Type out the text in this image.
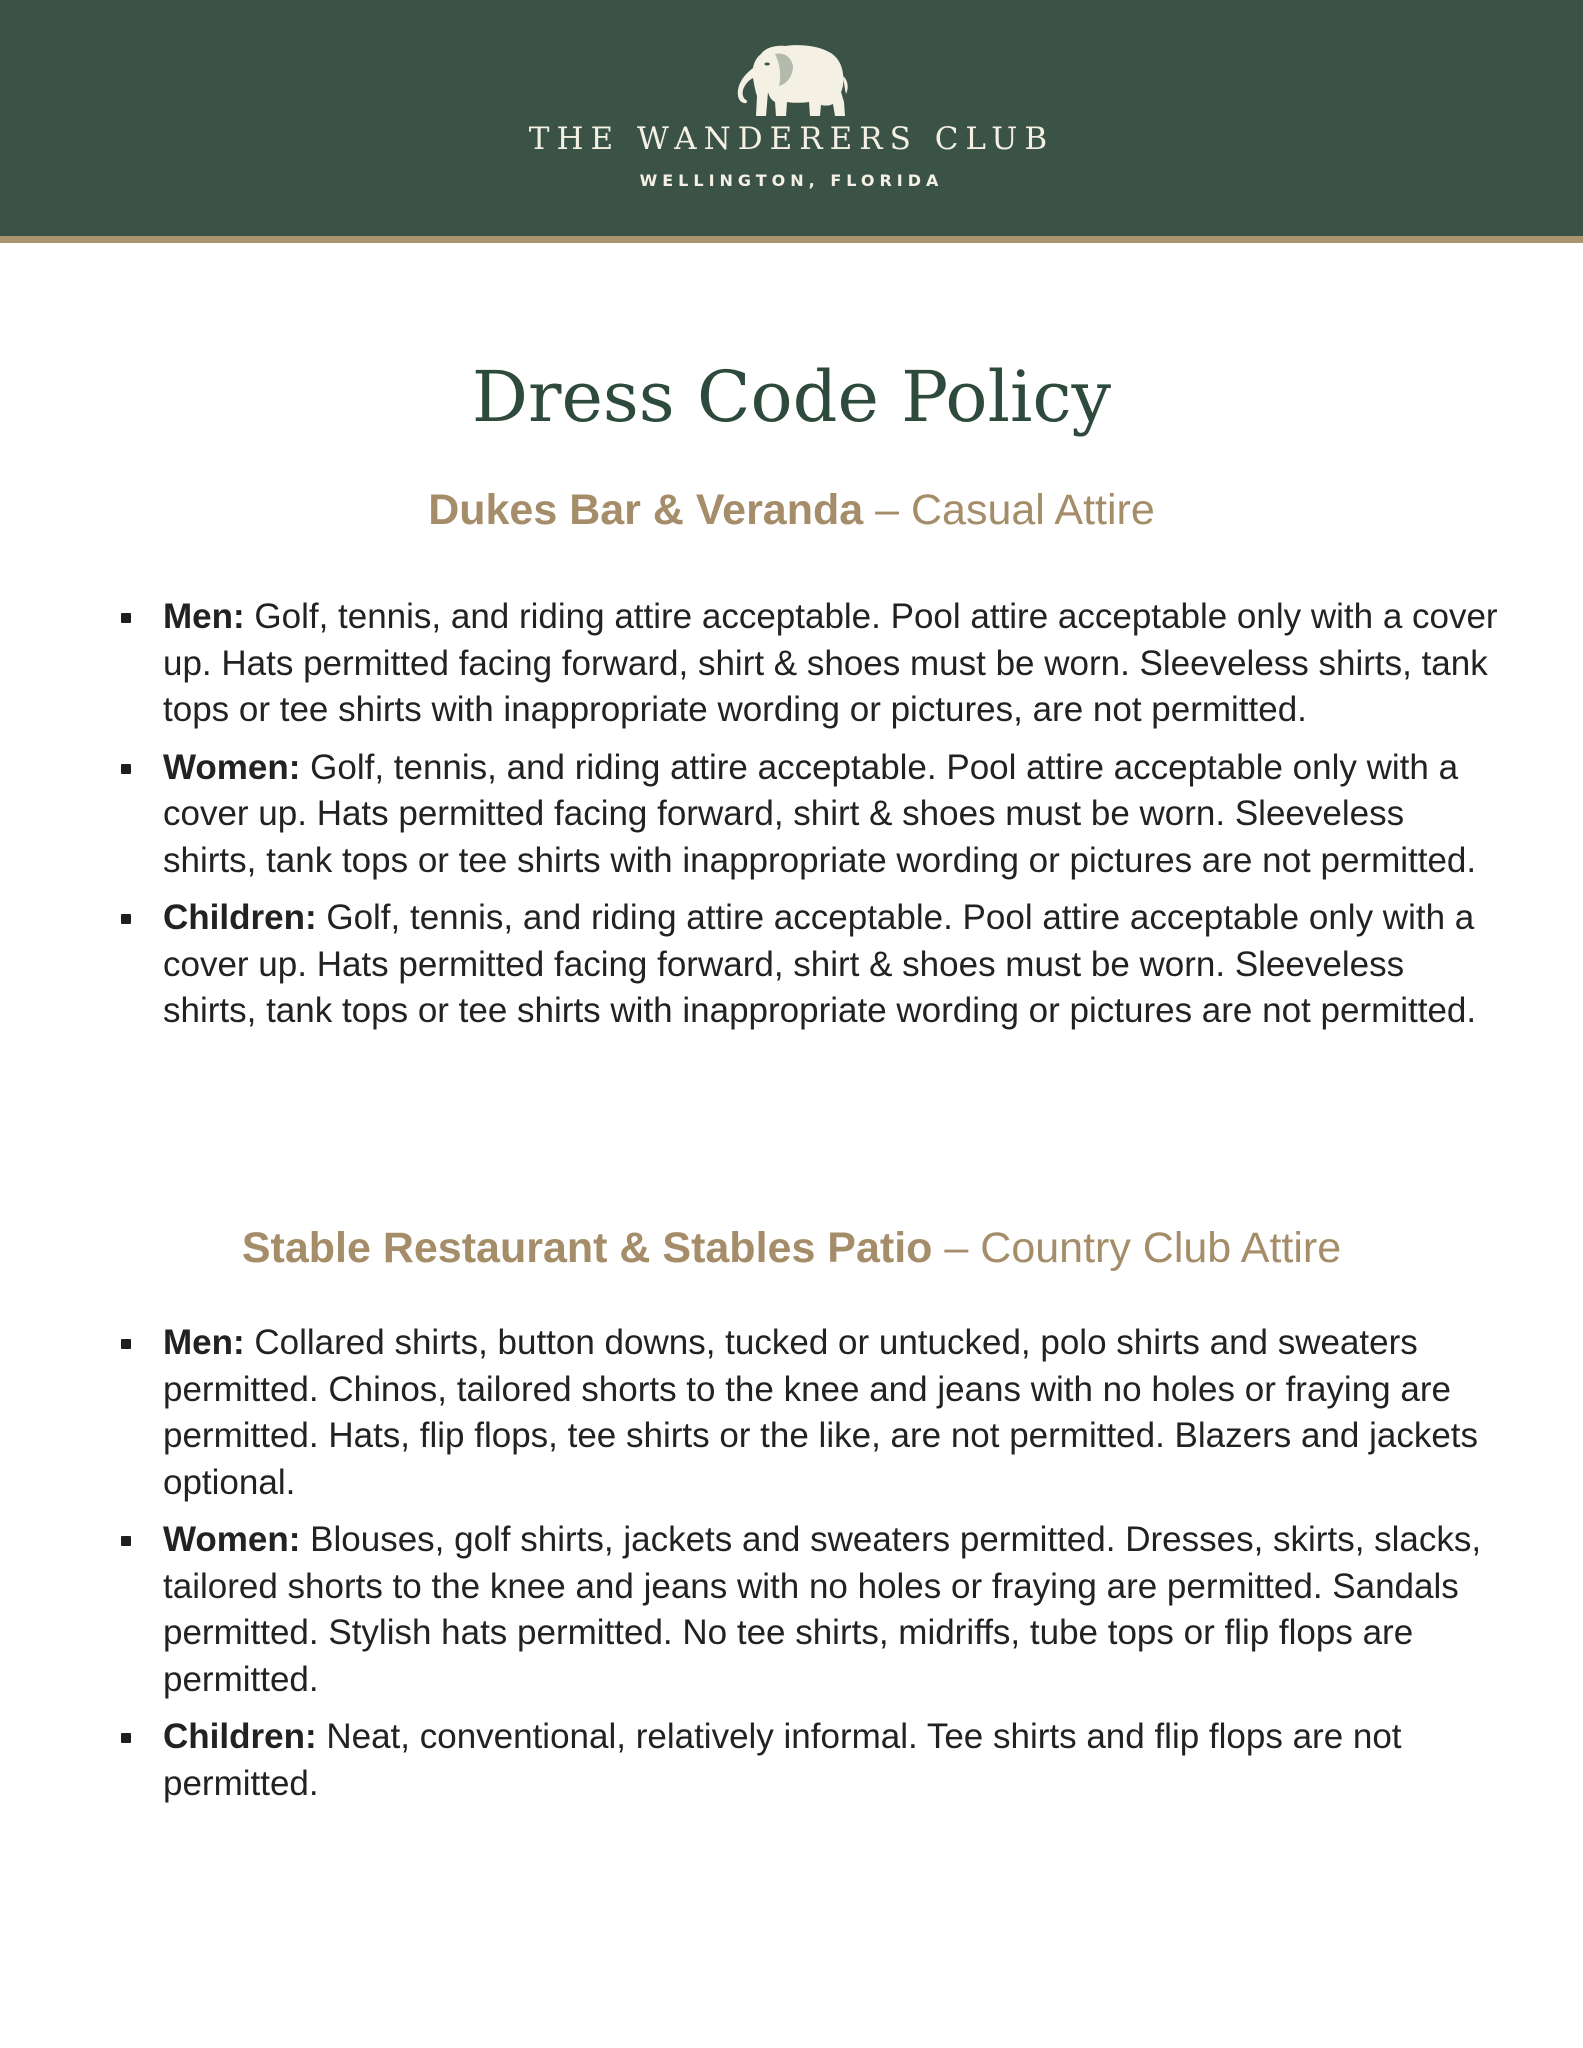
THE WANDERERS CLUB
WELLINGTON, FLORIDA
Dress Code Policy
Dukes Bar & Veranda – Casual Attire
Men: Golf, tennis, and riding attire acceptable. Pool attire acceptable only with a cover up. Hats permitted facing forward, shirt & shoes must be worn. Sleeveless shirts, tank tops or tee shirts with inappropriate wording or pictures, are not permitted.
Women: Golf, tennis, and riding attire acceptable. Pool attire acceptable only with a cover up. Hats permitted facing forward, shirt & shoes must be worn. Sleeveless shirts, tank tops or tee shirts with inappropriate wording or pictures are not permitted.
Children: Golf, tennis, and riding attire acceptable. Pool attire acceptable only with a cover up. Hats permitted facing forward, shirt & shoes must be worn. Sleeveless shirts, tank tops or tee shirts with inappropriate wording or pictures are not permitted.
Stable Restaurant & Stables Patio – Country Club Attire
Men: Collared shirts, button downs, tucked or untucked, polo shirts and sweaters permitted. Chinos, tailored shorts to the knee and jeans with no holes or fraying are permitted. Hats, flip flops, tee shirts or the like, are not permitted. Blazers and jackets optional.
Women: Blouses, golf shirts, jackets and sweaters permitted. Dresses, skirts, slacks, tailored shorts to the knee and jeans with no holes or fraying are permitted. Sandals permitted. Stylish hats permitted. No tee shirts, midriffs, tube tops or flip flops are permitted.
Children: Neat, conventional, relatively informal. Tee shirts and flip flops are not permitted.
